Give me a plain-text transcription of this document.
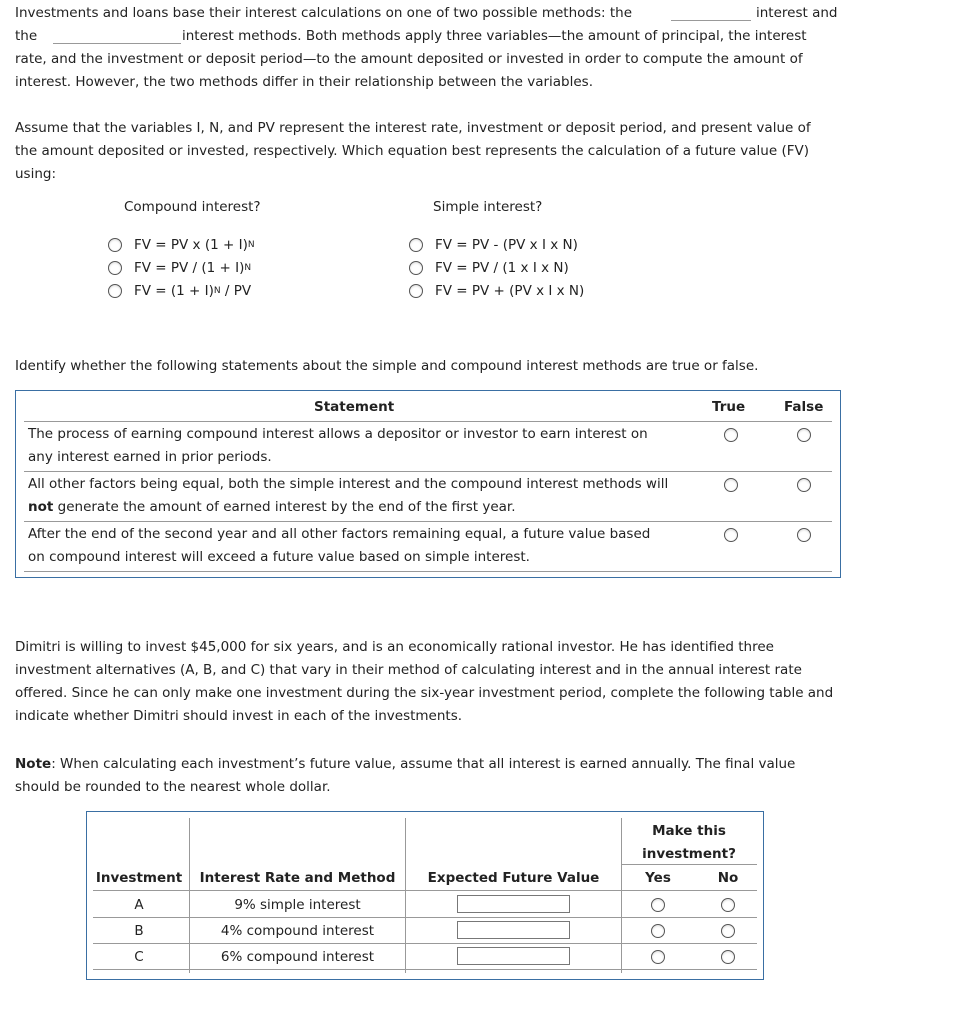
Investments and loans base their interest calculations on one of two possible methods: the	interest and
the	interest methods. Both methods apply three variables—the amount of principal, the interest
rate, and the investment or deposit period—to the amount deposited or invested in order to compute the amount of
interest. However, the two methods differ in their relationship between the variables.
Assume that the variables I, N, and PV represent the interest rate, investment or deposit period, and present value of the amount deposited or invested, respectively. Which equation best represents the calculation of a future value (FV) using:
Compound interest?	Simple interest?
FV = PV x (1 + I) N
FV = PV / (1 + I) N
FV = (1 + I) N / PV
FV = PV - (PV x I x N)
FV = PV / (1 x I x N)
FV = PV + (PV x I x N)
Identify whether the following statements about the simple and compound interest methods are true or false.
Statement	True	False
The process of earning compound interest allows a depositor or investor to earn interest on
any interest earned in prior periods.
All other factors being equal, both the simple interest and the compound interest methods will
not generate the amount of earned interest by the end of the first year.
After the end of the second year and all other factors remaining equal, a future value based
on compound interest will exceed a future value based on simple interest.
Dimitri is willing to invest $45,000 for six years, and is an economically rational investor. He has identified three investment alternatives (A, B, and C) that vary in their method of calculating interest and in the annual interest rate offered. Since he can only make one investment during the six-year investment period, complete the following table and indicate whether Dimitri should invest in each of the investments.
Note: When calculating each investment’s future value, assume that all interest is earned annually. The final value should be rounded to the nearest whole dollar.
Make this
investment?
Investment	Interest Rate and Method	Expected Future Value	Yes	No
A	9% simple interest
B	4% compound interest
C	6% compound interest
